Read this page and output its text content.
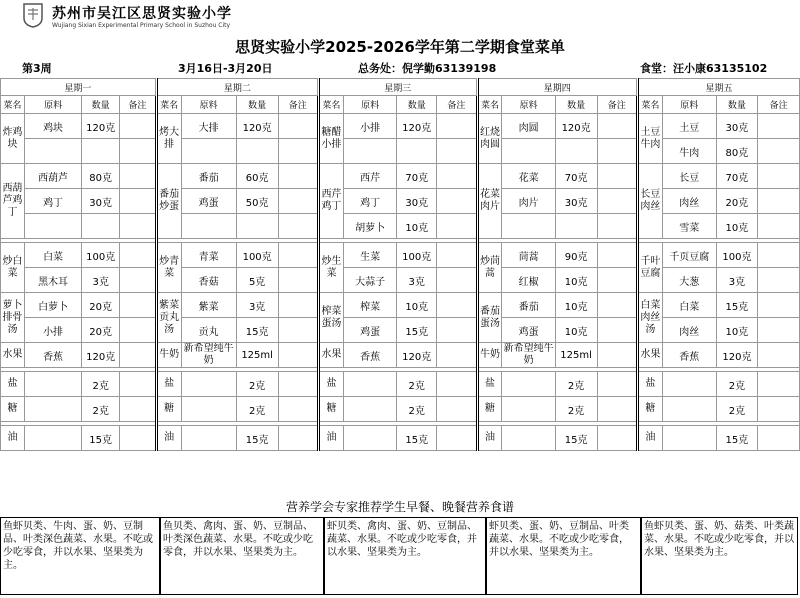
苏州市吴江区思贤实验小学
Wujiang Sixian Experimental Primary School in Suzhou City
思贤实验小学2025-2026学年第二学期食堂菜单
第3周	3月16日-3月20日	总务处：倪学勤63139198	食堂：汪小康63135102
星期一					星期二					星期三					星期四					星期五			
菜名	原料	数量	备注		菜名	原料	数量	备注		菜名	原料	数量	备注		菜名	原料	数量	备注		菜名	原料	数量	备注
炸鸡块	鸡块	120克			烤大排	大排	120克			糖醋小排	小排	120克			红烧肉圆	肉圆	120克			土豆牛肉	土豆	30克	
																					牛肉	80克	
西葫芦鸡丁	西葫芦	80克			番茄炒蛋	番茄	60克			西芹鸡丁	西芹	70克			花菜肉片	花菜	70克			长豆肉丝	长豆	70克	
	鸡丁	30克				鸡蛋	50克				鸡丁	30克				肉片	30克				肉丝	20克	
											胡萝卜	10克									雪菜	10克	

炒白菜	白菜	100克			炒青菜	青菜	100克			炒生菜	生菜	100克			炒茼蒿	茼蒿	90克			千叶豆腐	千页豆腐	100克	
	黑木耳	3克				香菇	5克				大蒜子	3克				红椒	10克				大葱	3克	
萝卜排骨汤	白萝卜	20克			紫菜贡丸汤	紫菜	3克			榨菜蛋汤	榨菜	10克			番茄蛋汤	番茄	10克			白菜肉丝汤	白菜	15克	
	小排	20克				贡丸	15克				鸡蛋	15克				鸡蛋	10克				肉丝	10克	
水果	香蕉	120克			牛奶	新希望纯牛奶	125ml			水果	香蕉	120克			牛奶	新希望纯牛奶	125ml			水果	香蕉	120克	

盐		2克			盐		2克			盐		2克			盐		2克			盐		2克	
糖		2克			糖		2克			糖		2克			糖		2克			糖		2克	

油		15克			油		15克			油		15克			油		15克			油		15克	
营养学会专家推荐学生早餐、晚餐营养食谱
鱼虾贝类、牛肉、蛋、奶、豆制品、叶类深色蔬菜、水果。不吃或少吃零食，并以水果、坚果类为主。
鱼贝类、禽肉、蛋、奶、豆制品、叶类深色蔬菜、水果。不吃或少吃零食，并以水果、坚果类为主。
虾贝类、禽肉、蛋、奶、豆制品、蔬菜、水果。不吃或少吃零食，并以水果、坚果类为主。
虾贝类、蛋、奶、豆制品、叶类蔬菜、水果。不吃或少吃零食，并以水果、坚果类为主。
鱼虾贝类、蛋、奶、菇类、叶类蔬菜、水果。不吃或少吃零食，并以水果、坚果类为主。
